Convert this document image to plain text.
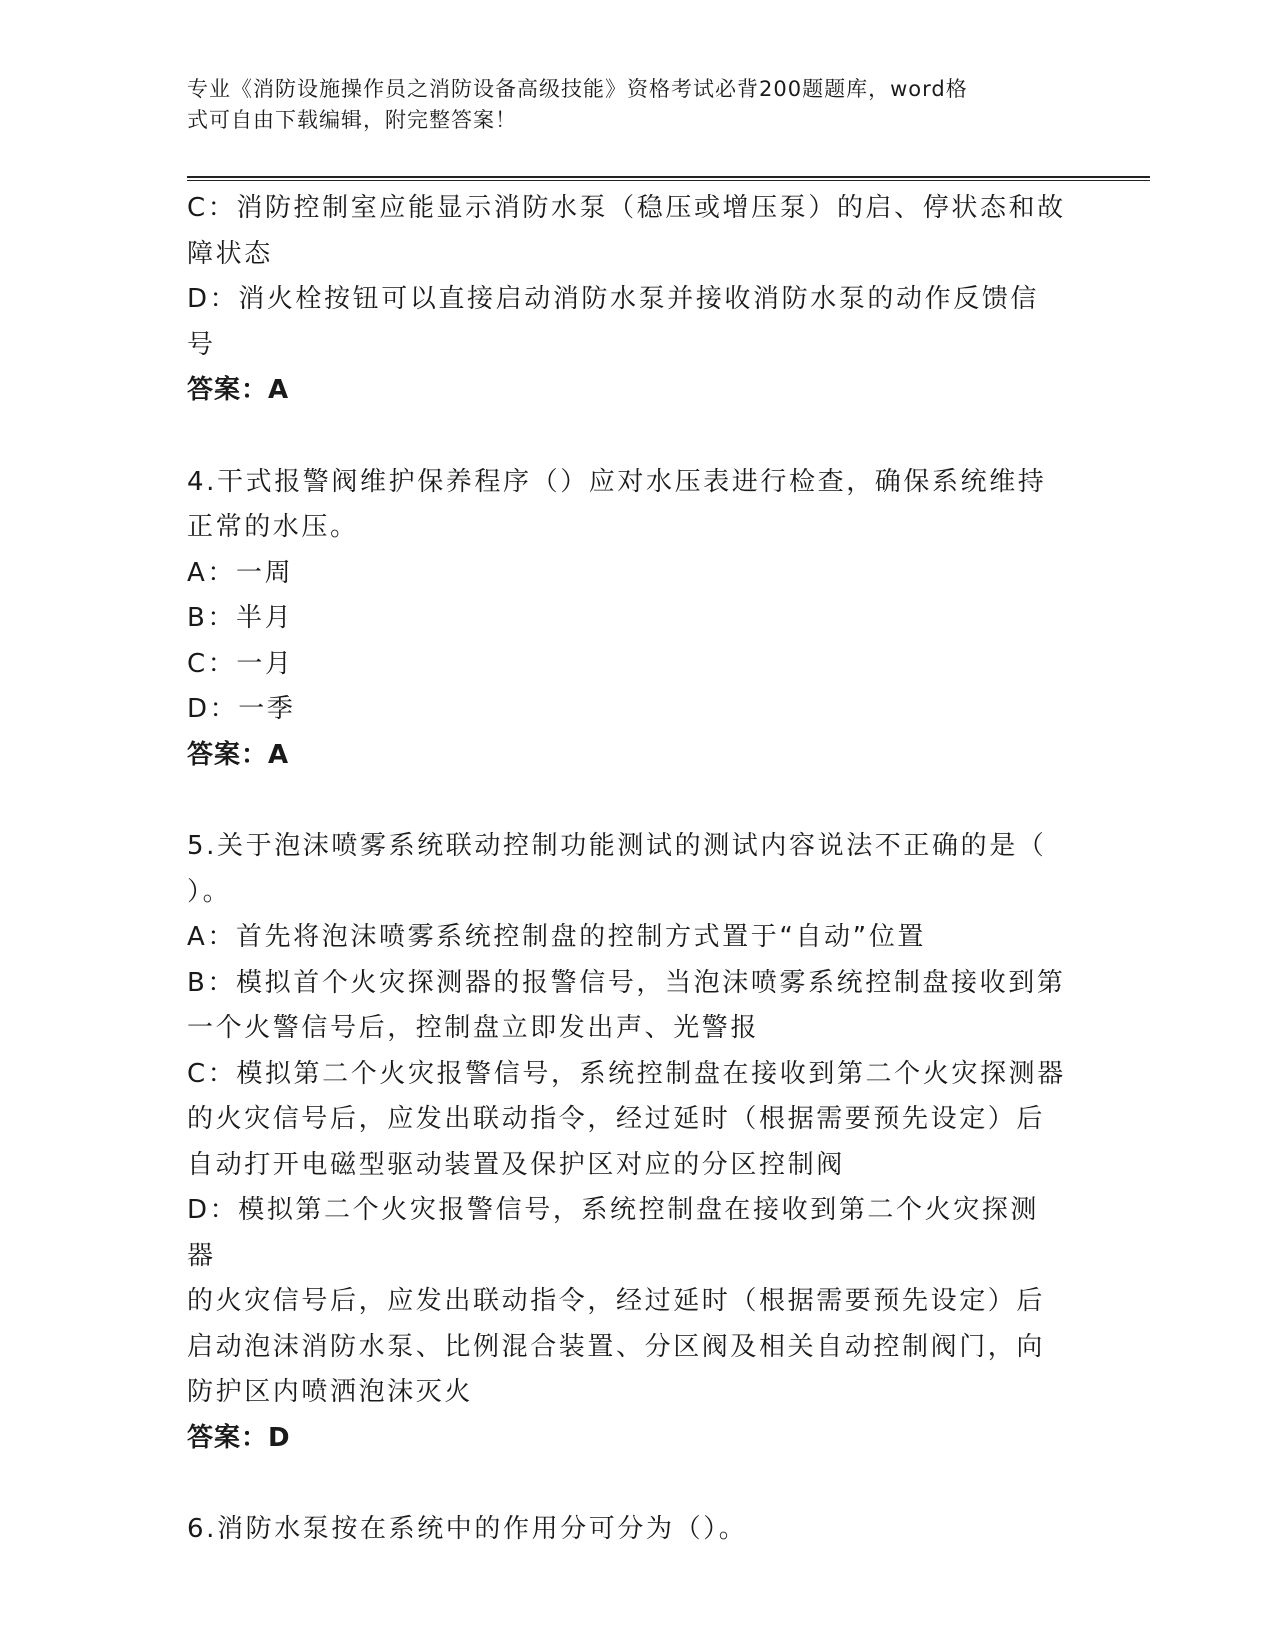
专业《消防设施操作员之消防设备高级技能》资格考试必背200题题库，word格
式可自由下载编辑，附完整答案！

C：消防控制室应能显示消防水泵（稳压或增压泵）的启、停状态和故

障状态

D：消火栓按钮可以直接启动消防水泵并接收消防水泵的动作反馈信号

答案：A

4.干式报警阀维护保养程序（）应对水压表进行检查，确保系统维持

正常的水压。

A：一周

B：半月

C：一月

D：一季

答案：A

5.关于泡沫喷雾系统联动控制功能测试的测试内容说法不正确的是（

）。

A：首先将泡沫喷雾系统控制盘的控制方式置于“自动”位置

B：模拟首个火灾探测器的报警信号，当泡沫喷雾系统控制盘接收到第

一个火警信号后，控制盘立即发出声、光警报

C：模拟第二个火灾报警信号，系统控制盘在接收到第二个火灾探测器

的火灾信号后，应发出联动指令，经过延时（根据需要预先设定）后

自动打开电磁型驱动装置及保护区对应的分区控制阀

D：模拟第二个火灾报警信号，系统控制盘在接收到第二个火灾探测器

的火灾信号后，应发出联动指令，经过延时（根据需要预先设定）后

启动泡沫消防水泵、比例混合装置、分区阀及相关自动控制阀门，向

防护区内喷洒泡沫灭火

答案：D

6.消防水泵按在系统中的作用分可分为（）。
